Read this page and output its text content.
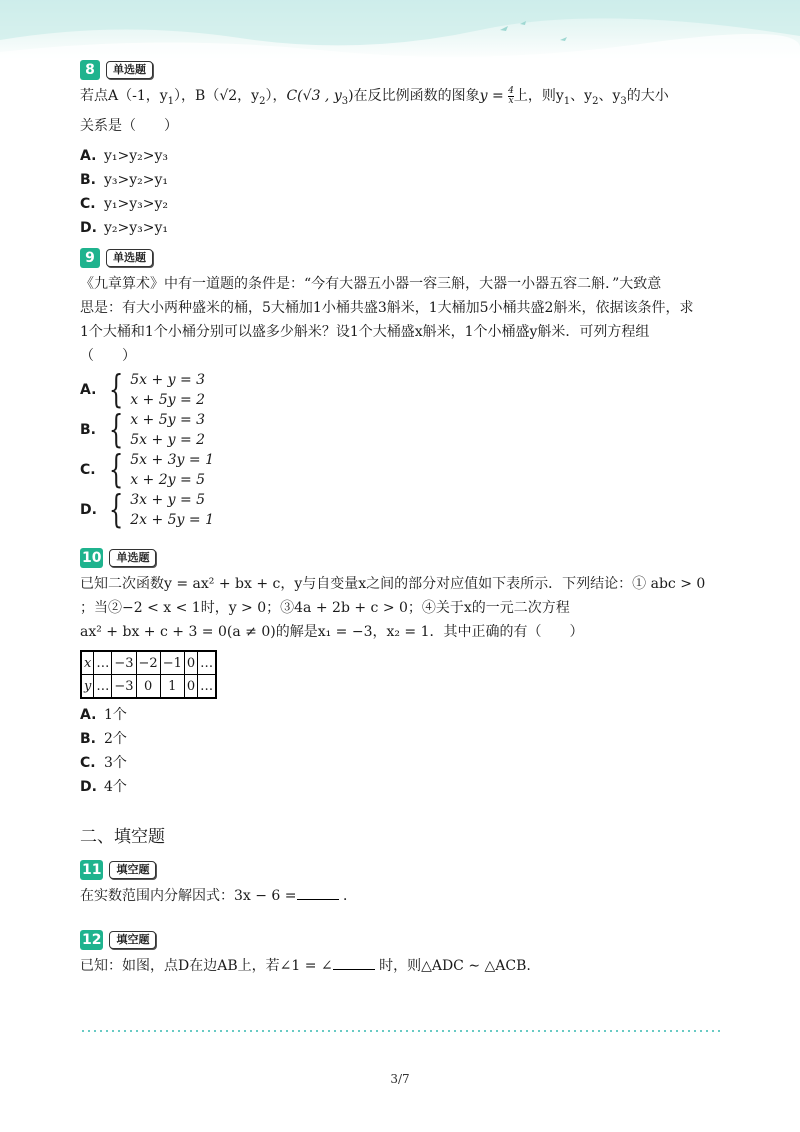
8	单选题
若点A（-1，$y_1$），B（√2，$y_2$），C(√3 , $y_3$)在反比例函数的图象$y = \frac{4}{x}$ 上，则$y_1$、$y_2$、$y_3$的大小
关系是（　　）
A. y₁>y₂>y₃
B. y₃>y₂>y₁
C. y₁>y₃>y₂
D. y₂>y₃>y₁
9	单选题
《九章算术》中有一道题的条件是：“今有大器五小器一容三斛，大器一小器五容二斛．”大致意
思是：有大小两种盛米的桶，5大桶加1小桶共盛3斛米，1大桶加5小桶共盛2斛米，依据该条件，求
1个大桶和1个小桶分别可以盛多少斛米？设1个大桶盛x斛米，1个小桶盛y斛米．可列方程组
（　　）
A. { 5x + y = 3
x + 5y = 2
B. { x + 5y = 3
5x + y = 2
C. { 5x + 3y = 1
x + 2y = 5
D. { 3x + y = 5
2x + 5y = 1
10	单选题
已知二次函数y = ax² + bx + c，y与自变量x之间的部分对应值如下表所示．下列结论：① abc > 0
；当②−2 < x < 1时，y > 0；③4a + 2b + c > 0；④关于x的一元二次方程
ax² + bx + c + 3 = 0(a ≠ 0)的解是x₁ = −3，x₂ = 1．其中正确的有（　　）
x	…	−3	−2	−1	0	…
y	…	−3	0	1	0	…
A. 1个
B. 2个
C. 3个
D. 4个
二、填空题
11	填空题
在实数范围内分解因式：3x − 6 =	．
12	填空题
已知：如图，点D在边AB上，若∠1 = ∠	时，则△ADC ∼ △ACB.
3/7
